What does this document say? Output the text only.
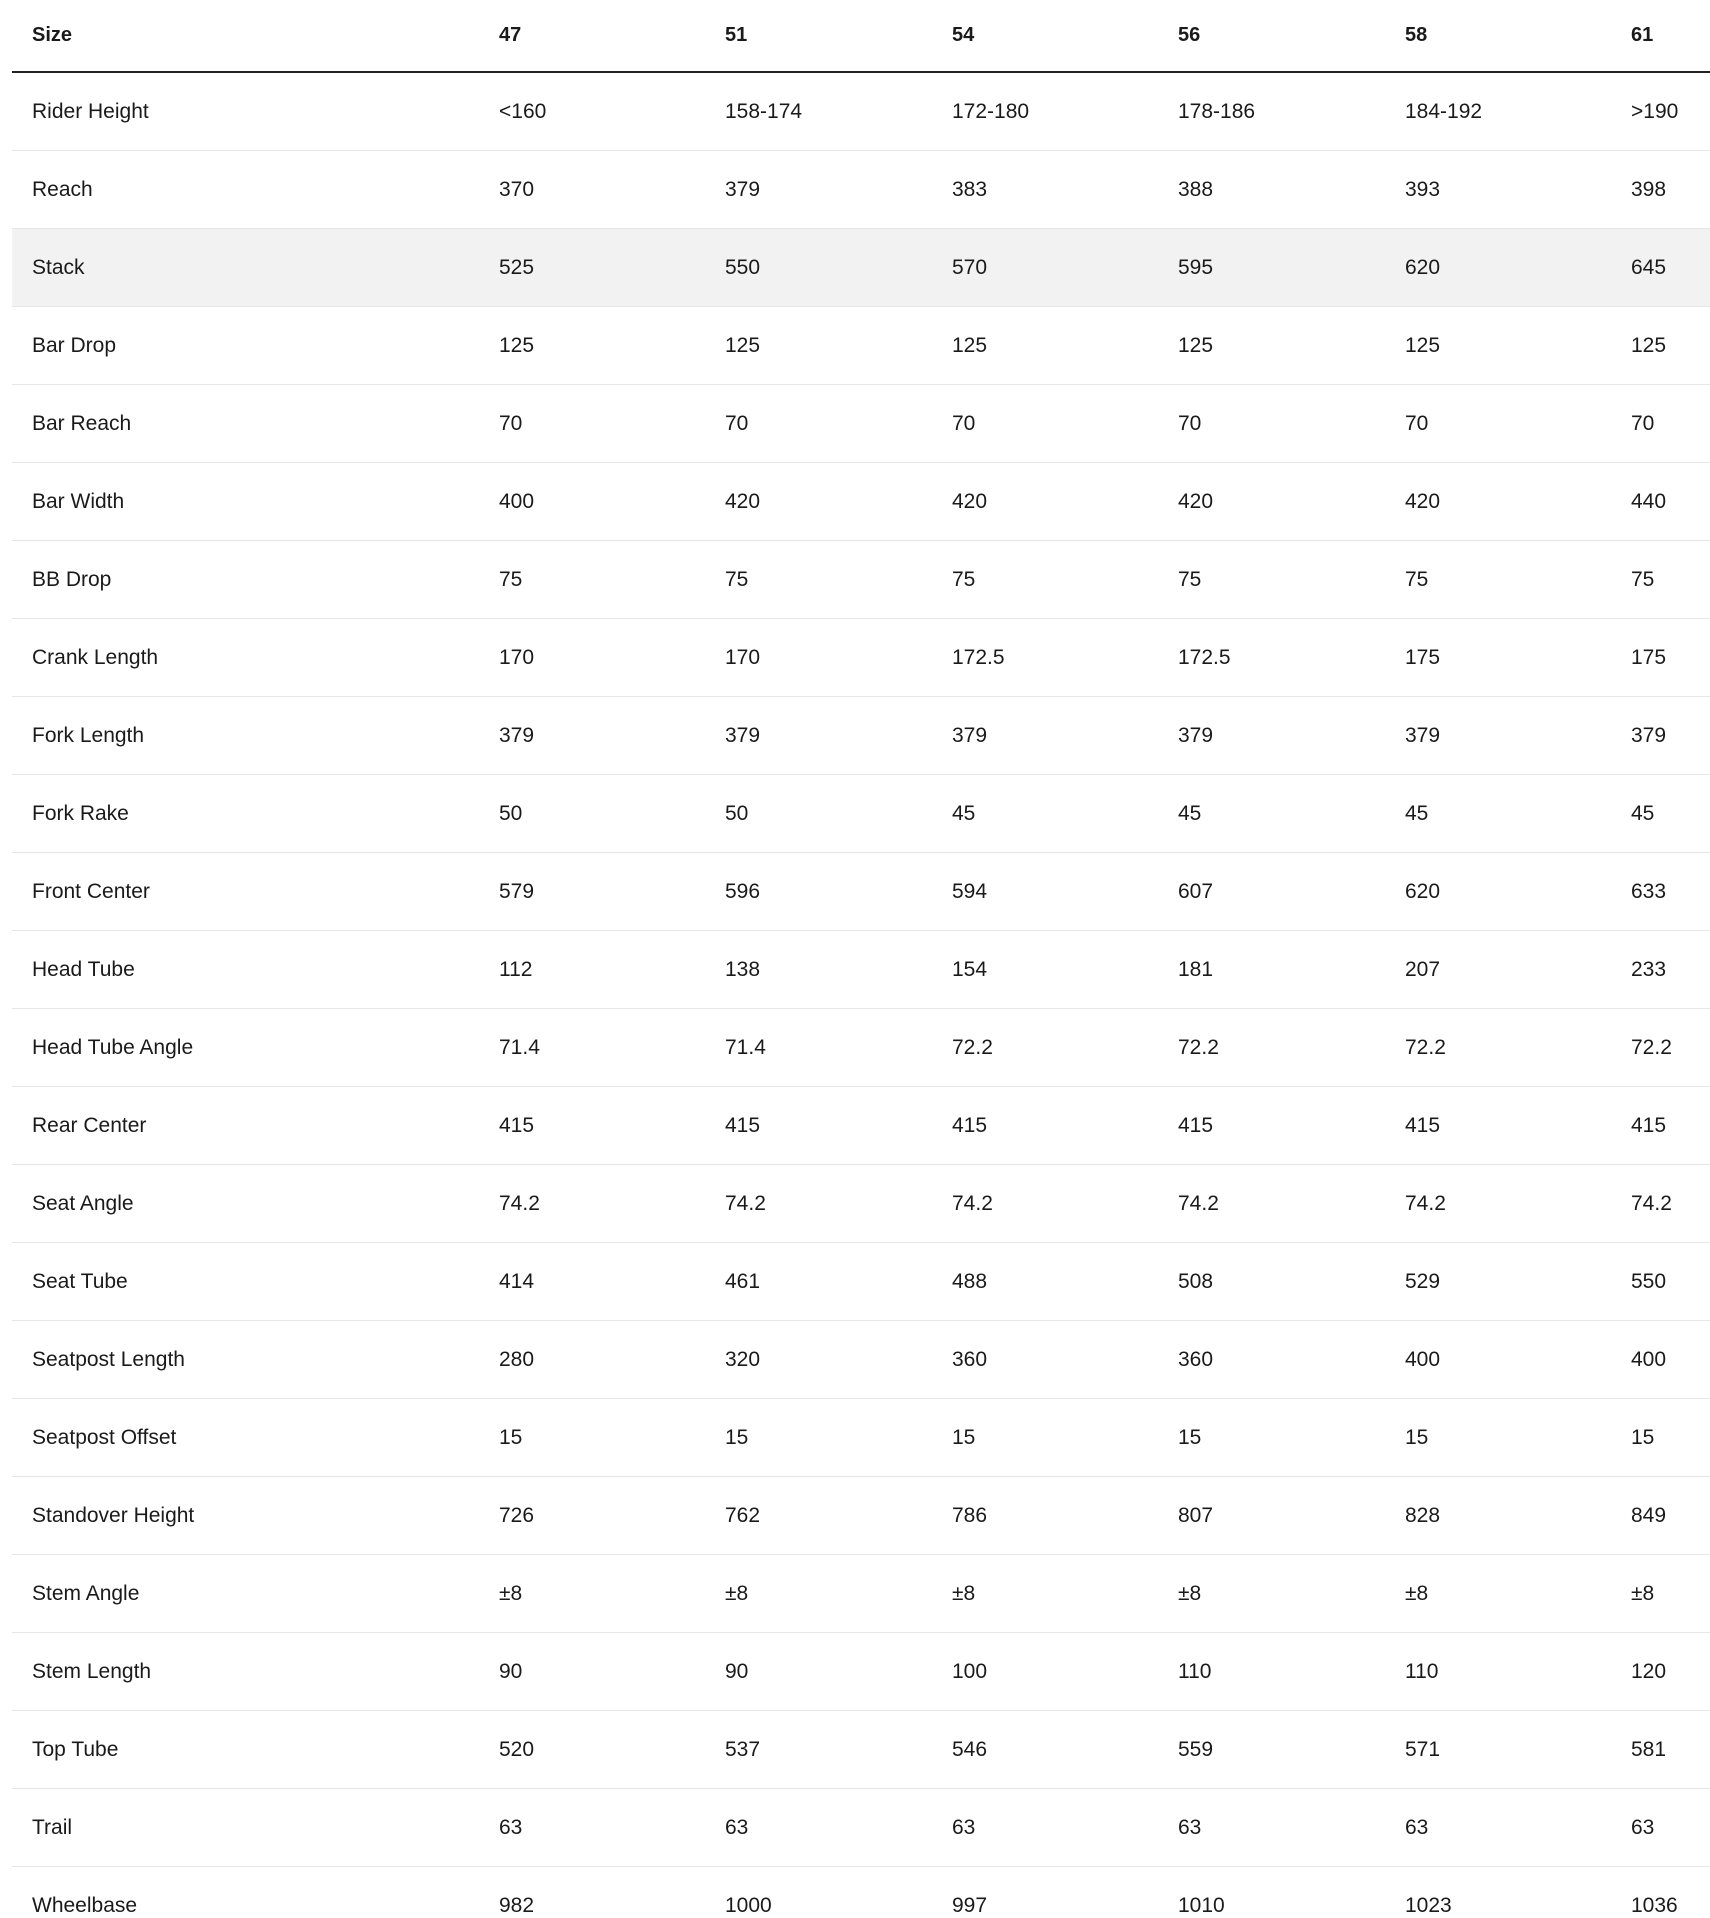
Size	47	51	54	56	58	61
Rider Height	<160	158-174	172-180	178-186	184-192	>190
Reach	370	379	383	388	393	398
Stack	525	550	570	595	620	645
Bar Drop	125	125	125	125	125	125
Bar Reach	70	70	70	70	70	70
Bar Width	400	420	420	420	420	440
BB Drop	75	75	75	75	75	75
Crank Length	170	170	172.5	172.5	175	175
Fork Length	379	379	379	379	379	379
Fork Rake	50	50	45	45	45	45
Front Center	579	596	594	607	620	633
Head Tube	112	138	154	181	207	233
Head Tube Angle	71.4	71.4	72.2	72.2	72.2	72.2
Rear Center	415	415	415	415	415	415
Seat Angle	74.2	74.2	74.2	74.2	74.2	74.2
Seat Tube	414	461	488	508	529	550
Seatpost Length	280	320	360	360	400	400
Seatpost Offset	15	15	15	15	15	15
Standover Height	726	762	786	807	828	849
Stem Angle	±8	±8	±8	±8	±8	±8
Stem Length	90	90	100	110	110	120
Top Tube	520	537	546	559	571	581
Trail	63	63	63	63	63	63
Wheelbase	982	1000	997	1010	1023	1036
